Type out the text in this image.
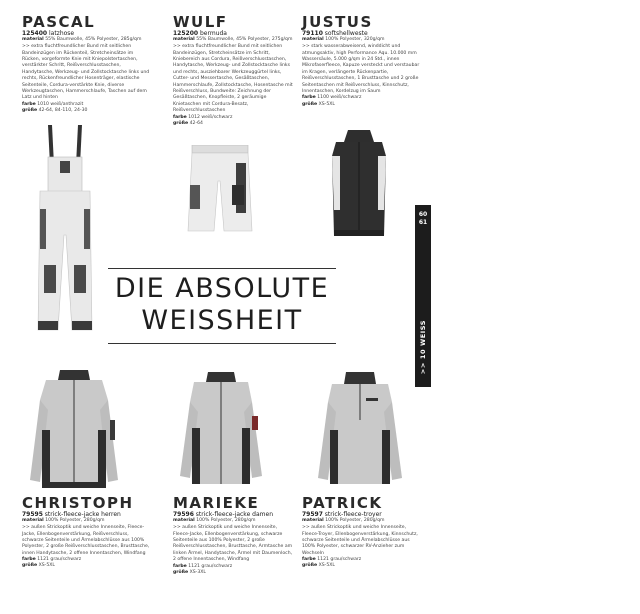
PASCAL
125400 latzhose
material 55% Baumwolle, 45% Polyester, 285g/qm
>> extra fluchtfreundlicher Bund mit seitlichen Bandeinzügen im Rückenteil, Stretcheinsätze im Rücken, vorgeformte Knie mit Kniepolstertaschen, verstärkter Schritt, Reißverschlusstaschen, Handytasche, Werkzeug- und Zollstocktasche links und rechts, Rückenfreundlicher Hosenträger, elastische Seitenteile, Cordura-verstärkte Knie, diverse Werkzeugtaschen, Hammerschlaufe, Taschen auf dem Latz und hinten
farbe 1010 weiß/anthrazit
größe 42-64, 84-110, 24-30
WULF
125200 bermuda
material 55% Baumwolle, 45% Polyester, 275g/qm
>> extra fluchtfreundlicher Bund mit seitlichen Bandeinzügen, Stretcheinsätze im Schritt, Kniebereich aus Cordura, Reißverschlusstaschen, Handytasche, Werkzeug- und Zollstocktasche links und rechts, ausziehbarer Werkzeuggürtel links, Cutter- und Messertasche, Gesäßtaschen, Hammerschlaufe, Zollstocktasche, Hosentasche mit Reißverschluss, Bundweite: Zeichnung der Gesäßtaschen, Knopfleiste, 2 geräumige Knietaschen mit Cordura-Besatz, Reißverschlusstaschen
farbe 1012 weiß/schwarz
größe 42-64
JUSTUS
79110 softshellweste
material 100% Polyester, 320g/qm
>> stark wasserabweisend, winddicht und atmungsaktiv, high Performance Aqu. 10.000 mm Wassersäule, 5.000 g/qm in 24 Std., innen Mikrofaserfleece, Kapuze versteckt und verstaubar im Kragen, verlängerte Rückenpartie, Reißverschlusstaschen, 1 Brusttasche und 2 große Seitentaschen mit Reißverschluss, Kinnschutz, Innentaschen, Kordelzug im Saum
farbe 1100 weiß/schwarz
größe XS-5XL
DIE ABSOLUTE
WEISSHEIT
60
61
>> 10 WEISS
CHRISTOPH
79595 strick-fleece-jacke herren
material 100% Polyester, 280g/qm
>> außen Strickoptik und weiche Innenseite, Fleece-Jacke, Ellenbogenverstärkung, Reißverschluss, schwarze Seitenteile und Ärmelabschlüsse aus 100% Polyester, 2 große Reißverschlusstaschen, Brusttasche, innen Handytasche, 2 offene Innentaschen, Windfang
farbe 1121 grau/schwarz
größe XS-5XL
MARIEKE
79596 strick-fleece-jacke damen
material 100% Polyester, 280g/qm
>> außen Strickoptik und weiche Innenseite, Fleece-Jacke, Ellenbogenverstärkung, schwarze Seitenteile aus 100% Polyester, 2 große Reißverschlusstaschen, Brusttasche, Armtasche am linken Ärmel, Handytasche, Ärmel mit Daumenloch, 2 offene Innentaschen, Windfang
farbe 1121 grau/schwarz
größe XS-3XL
PATRICK
79597 strick-fleece-troyer
material 100% Polyester, 280g/qm
>> außen Strickoptik und weiche Innenseite, Fleece-Troyer, Ellenbogenverstärkung, Kinnschutz, schwarze Seitenteile und Ärmelabschlüsse aus 100% Polyester, schwarzer RV-Anzieher zum Wechseln
farbe 1121 grau/schwarz
größe XS-5XL
